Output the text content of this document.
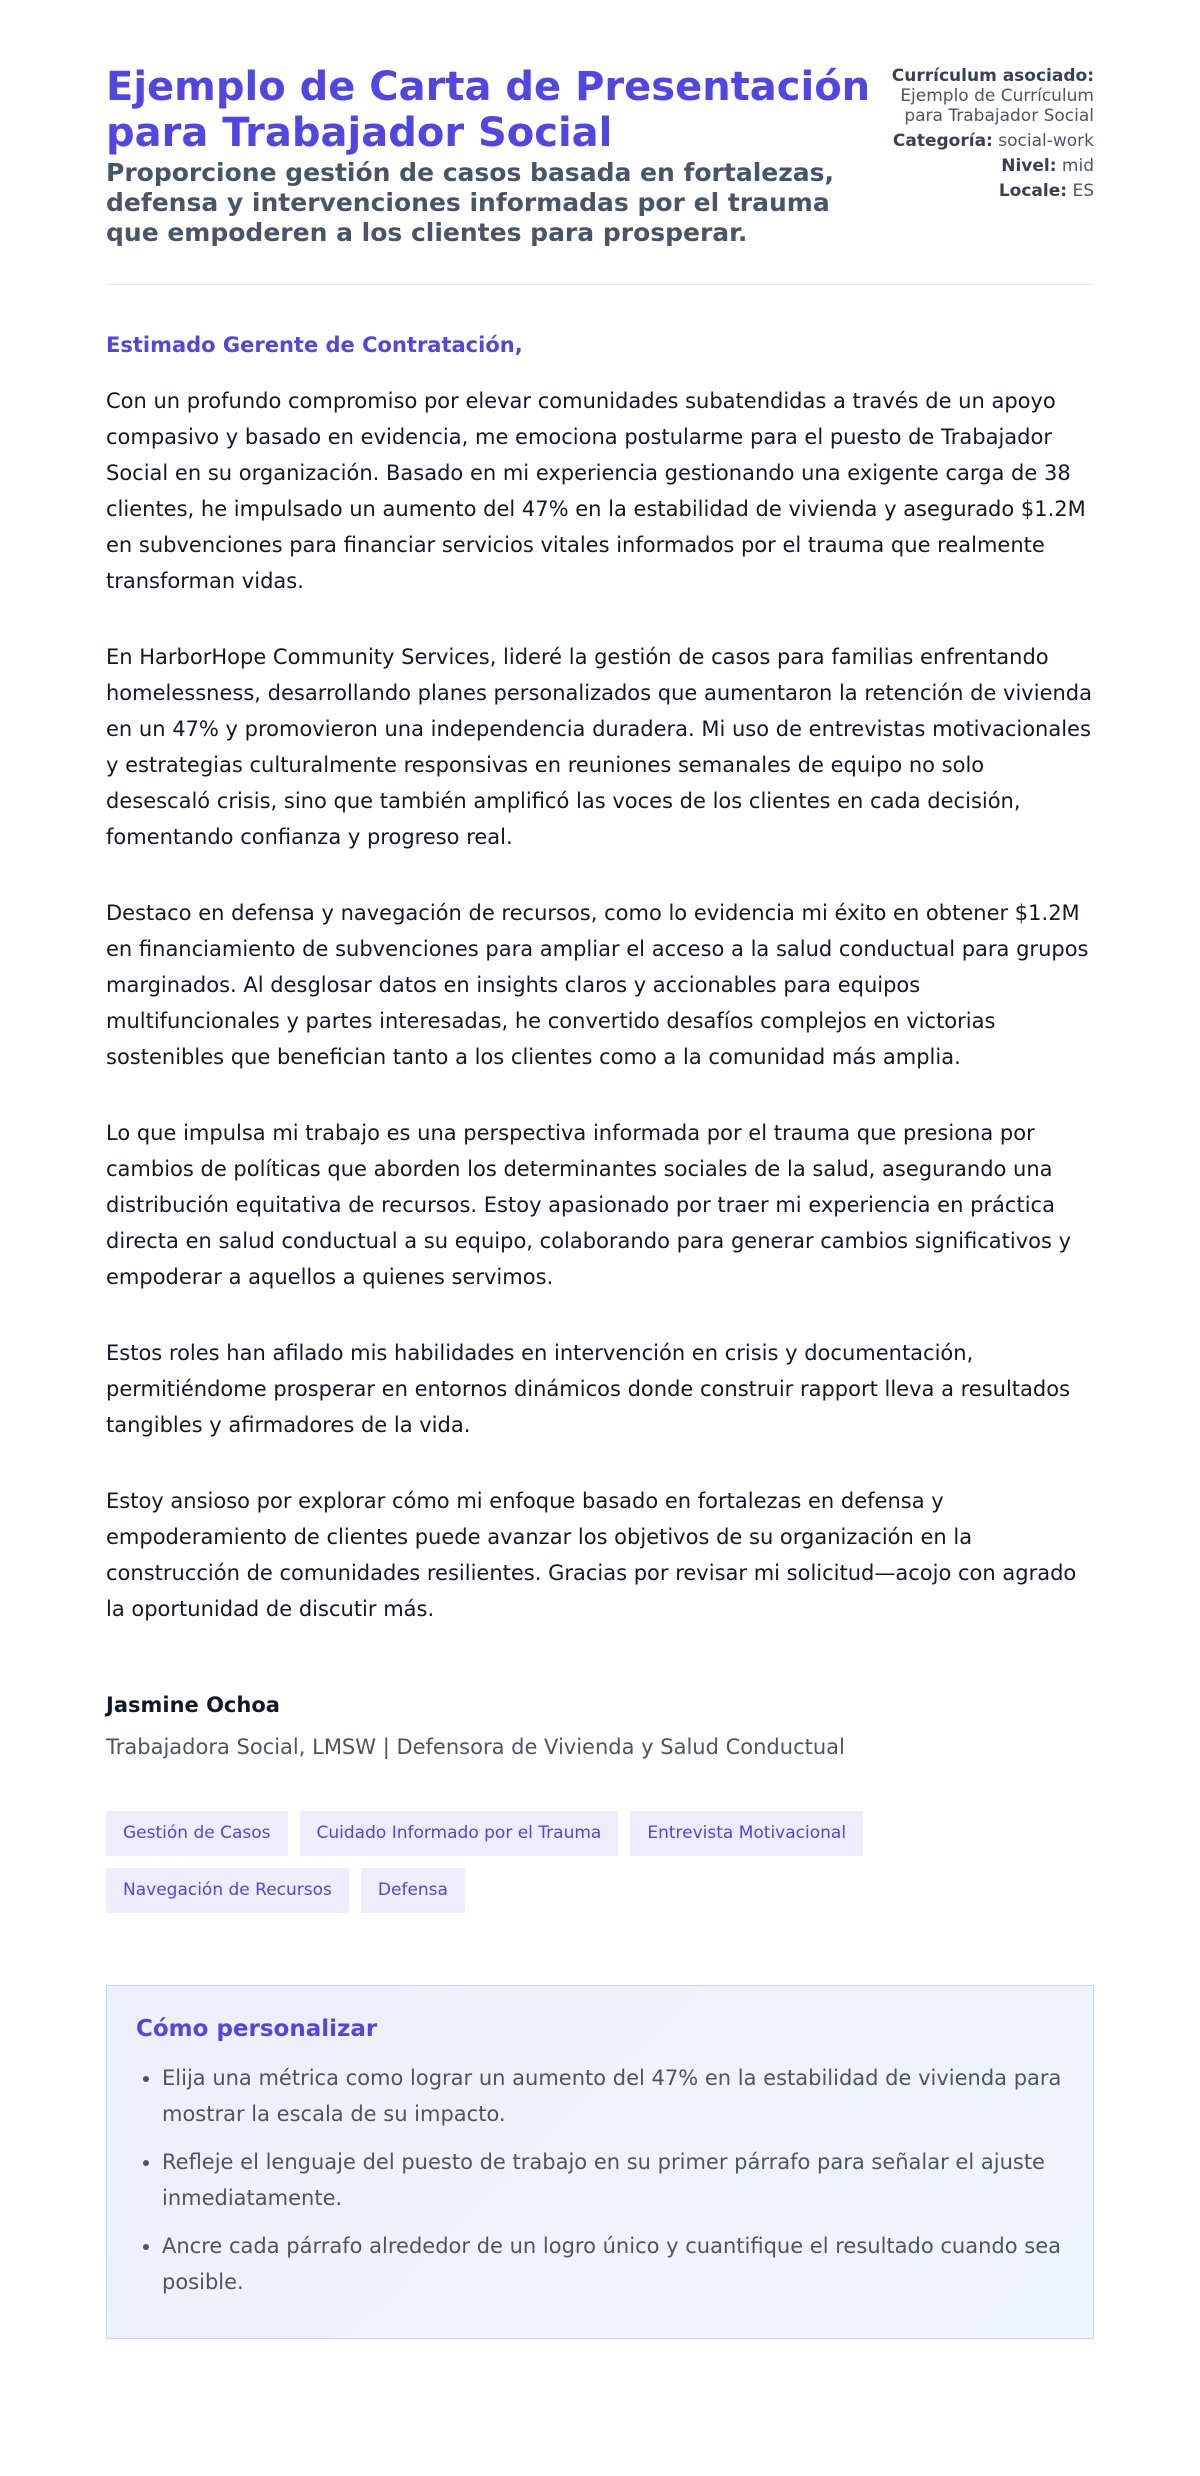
Ejemplo de Carta de Presentación para Trabajador Social

Proporcione gestión de casos basada en fortalezas, defensa y intervenciones informadas por el trauma que empoderen a los clientes para prosperar.

Currículum asociado:
Ejemplo de Currículum para Trabajador Social
Categoría: social-work
Nivel: mid
Locale: ES
Estimado Gerente de Contratación,

Con un profundo compromiso por elevar comunidades subatendidas a través de un apoyo compasivo y basado en evidencia, me emociona postularme para el puesto de Trabajador Social en su organización. Basado en mi experiencia gestionando una exigente carga de 38 clientes, he impulsado un aumento del 47% en la estabilidad de vivienda y asegurado $1.2M en subvenciones para financiar servicios vitales informados por el trauma que realmente transforman vidas.

En HarborHope Community Services, lideré la gestión de casos para familias enfrentando homelessness, desarrollando planes personalizados que aumentaron la retención de vivienda en un 47% y promovieron una independencia duradera. Mi uso de entrevistas motivacionales y estrategias culturalmente responsivas en reuniones semanales de equipo no solo desescaló crisis, sino que también amplificó las voces de los clientes en cada decisión, fomentando confianza y progreso real.

Destaco en defensa y navegación de recursos, como lo evidencia mi éxito en obtener $1.2M en financiamiento de subvenciones para ampliar el acceso a la salud conductual para grupos marginados. Al desglosar datos en insights claros y accionables para equipos multifuncionales y partes interesadas, he convertido desafíos complejos en victorias sostenibles que benefician tanto a los clientes como a la comunidad más amplia.

Lo que impulsa mi trabajo es una perspectiva informada por el trauma que presiona por cambios de políticas que aborden los determinantes sociales de la salud, asegurando una distribución equitativa de recursos. Estoy apasionado por traer mi experiencia en práctica directa en salud conductual a su equipo, colaborando para generar cambios significativos y empoderar a aquellos a quienes servimos.

Estos roles han afilado mis habilidades en intervención en crisis y documentación, permitiéndome prosperar en entornos dinámicos donde construir rapport lleva a resultados tangibles y afirmadores de la vida.

Estoy ansioso por explorar cómo mi enfoque basado en fortalezas en defensa y empoderamiento de clientes puede avanzar los objetivos de su organización en la construcción de comunidades resilientes. Gracias por revisar mi solicitud—acojo con agrado la oportunidad de discutir más.

Jasmine Ochoa
Trabajadora Social, LMSW | Defensora de Vivienda y Salud Conductual
Gestión de Casos	Cuidado Informado por el Trauma	Entrevista Motivacional
Navegación de Recursos	Defensa
Cómo personalizar
• Elija una métrica como lograr un aumento del 47% en la estabilidad de vivienda para mostrar la escala de su impacto.
• Refleje el lenguaje del puesto de trabajo en su primer párrafo para señalar el ajuste inmediatamente.
• Ancre cada párrafo alrededor de un logro único y cuantifique el resultado cuando sea posible.
